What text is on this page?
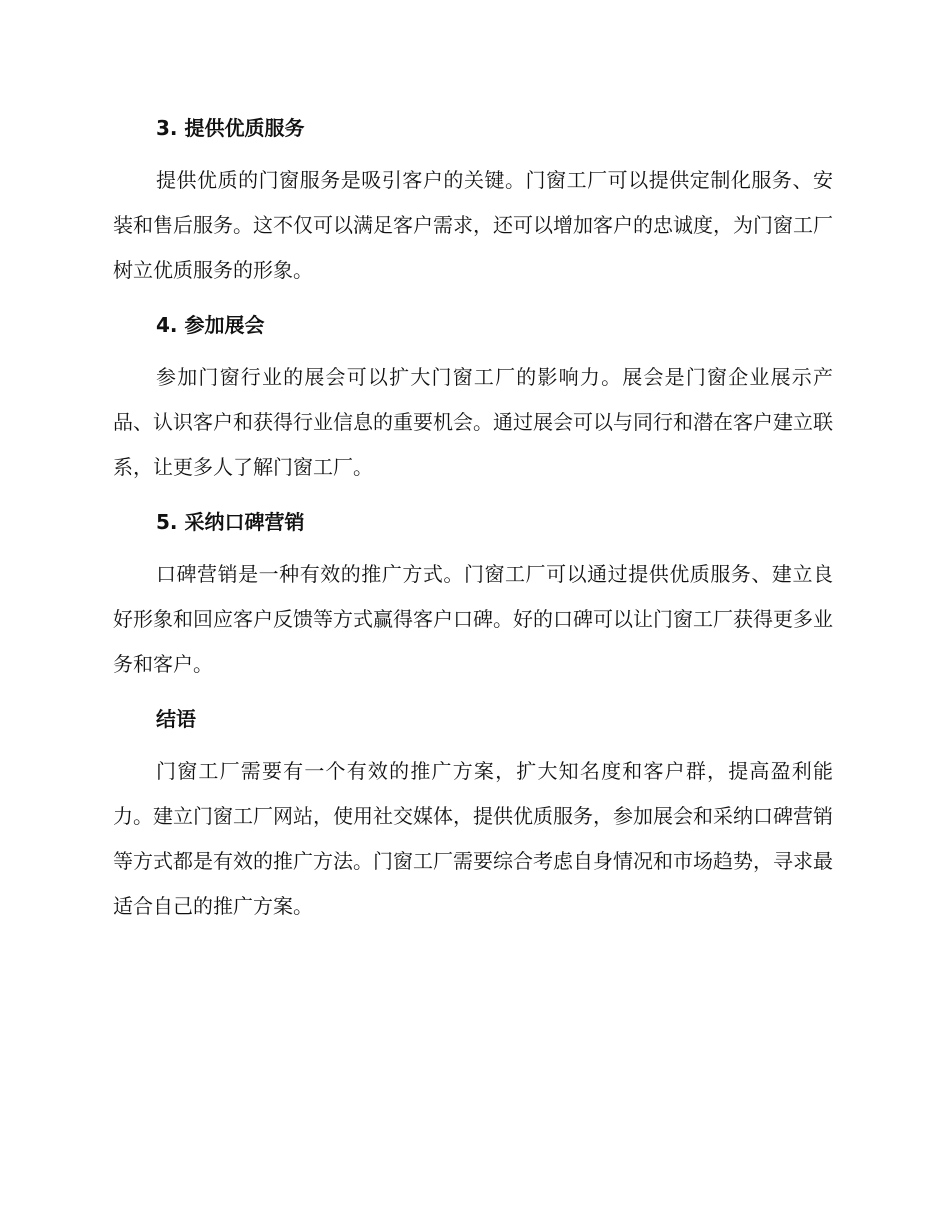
3. 提供优质服务

提供优质的门窗服务是吸引客户的关键。门窗工厂可以提供定制化服务、安装和售后服务。这不仅可以满足客户需求，还可以增加客户的忠诚度，为门窗工厂树立优质服务的形象。

4. 参加展会

参加门窗行业的展会可以扩大门窗工厂的影响力。展会是门窗企业展示产品、认识客户和获得行业信息的重要机会。通过展会可以与同行和潜在客户建立联系，让更多人了解门窗工厂。

5. 采纳口碑营销

口碑营销是一种有效的推广方式。门窗工厂可以通过提供优质服务、建立良好形象和回应客户反馈等方式赢得客户口碑。好的口碑可以让门窗工厂获得更多业务和客户。

结语

门窗工厂需要有一个有效的推广方案，扩大知名度和客户群，提高盈利能力。建立门窗工厂网站，使用社交媒体，提供优质服务，参加展会和采纳口碑营销等方式都是有效的推广方法。门窗工厂需要综合考虑自身情况和市场趋势，寻求最适合自己的推广方案。
